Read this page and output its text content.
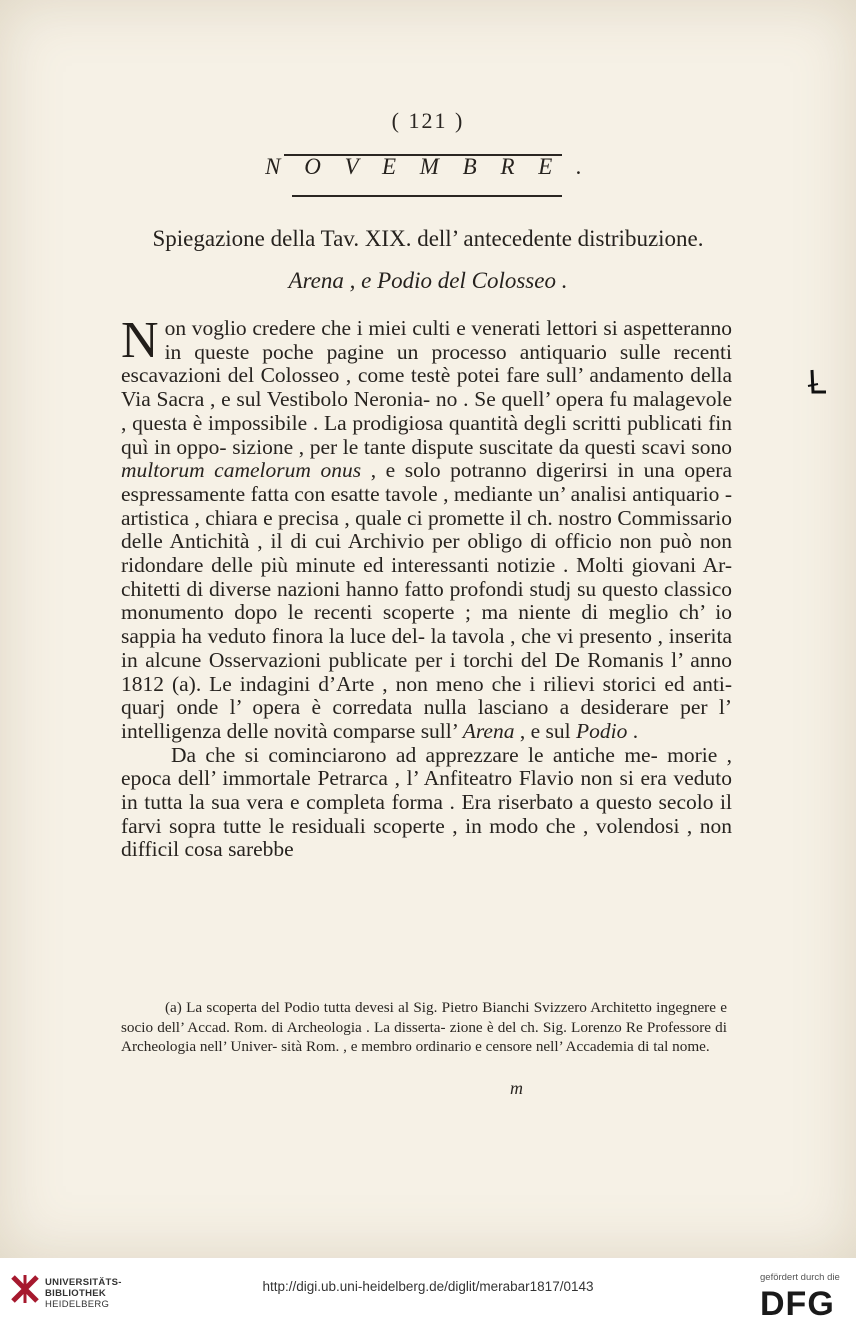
( 121 )
N O V E M B R E .
Spiegazione della Tav. XIX. dell’ antecedente distribuzione.
Arena , e Podio del Colosseo .

Non voglio credere che i miei culti e venerati lettori si aspetteranno in queste poche pagine un processo antiquario sulle recenti escavazioni del Colosseo , come testè potei fare sull’ andamento della Via Sacra , e sul Vestibolo Neronia- no . Se quell’ opera fu malagevole , questa è impossibile . La prodigiosa quantità degli scritti publicati fin quì in oppo- sizione , per le tante dispute suscitate da questi scavi sono multorum camelorum onus , e solo potranno digerirsi in una opera espressamente fatta con esatte tavole , mediante un’ analisi antiquario - artistica , chiara e precisa , quale ci promette il ch. nostro Commissario delle Antichità , il di cui Archivio per obligo di officio non può non ridondare delle più minute ed interessanti notizie . Molti giovani Ar- chitetti di diverse nazioni hanno fatto profondi studj su questo classico monumento dopo le recenti scoperte ; ma niente di meglio ch’ io sappia ha veduto finora la luce del- la tavola , che vi presento , inserita in alcune Osservazioni publicate per i torchi del De Romanis l’ anno 1812 (a). Le indagini d’Arte , non meno che i rilievi storici ed anti- quarj onde l’ opera è corredata nulla lasciano a desiderare per l’ intelligenza delle novità comparse sull’ Arena , e sul Podio .

Da che si cominciarono ad apprezzare le antiche me- morie , epoca dell’ immortale Petrarca , l’ Anfiteatro Flavio non si era veduto in tutta la sua vera e completa forma . Era riserbato a questo secolo il farvi sopra tutte le residuali scoperte , in modo che , volendosi , non difficil cosa sarebbe

(a) La scoperta del Podio tutta devesi al Sig. Pietro Bianchi Svizzero Architetto ingegnere e socio dell’ Accad. Rom. di Archeologia . La disserta- zione è del ch. Sig. Lorenzo Re Professore di Archeologia nell’ Univer- sità Rom. , e membro ordinario e censore nell’ Accademia di tal nome.
m
UNIVERSITÄTS-
BIBLIOTHEK
HEIDELBERG
http://digi.ub.uni-heidelberg.de/diglit/merabar1817/0143
gefördert durch die
DFG
